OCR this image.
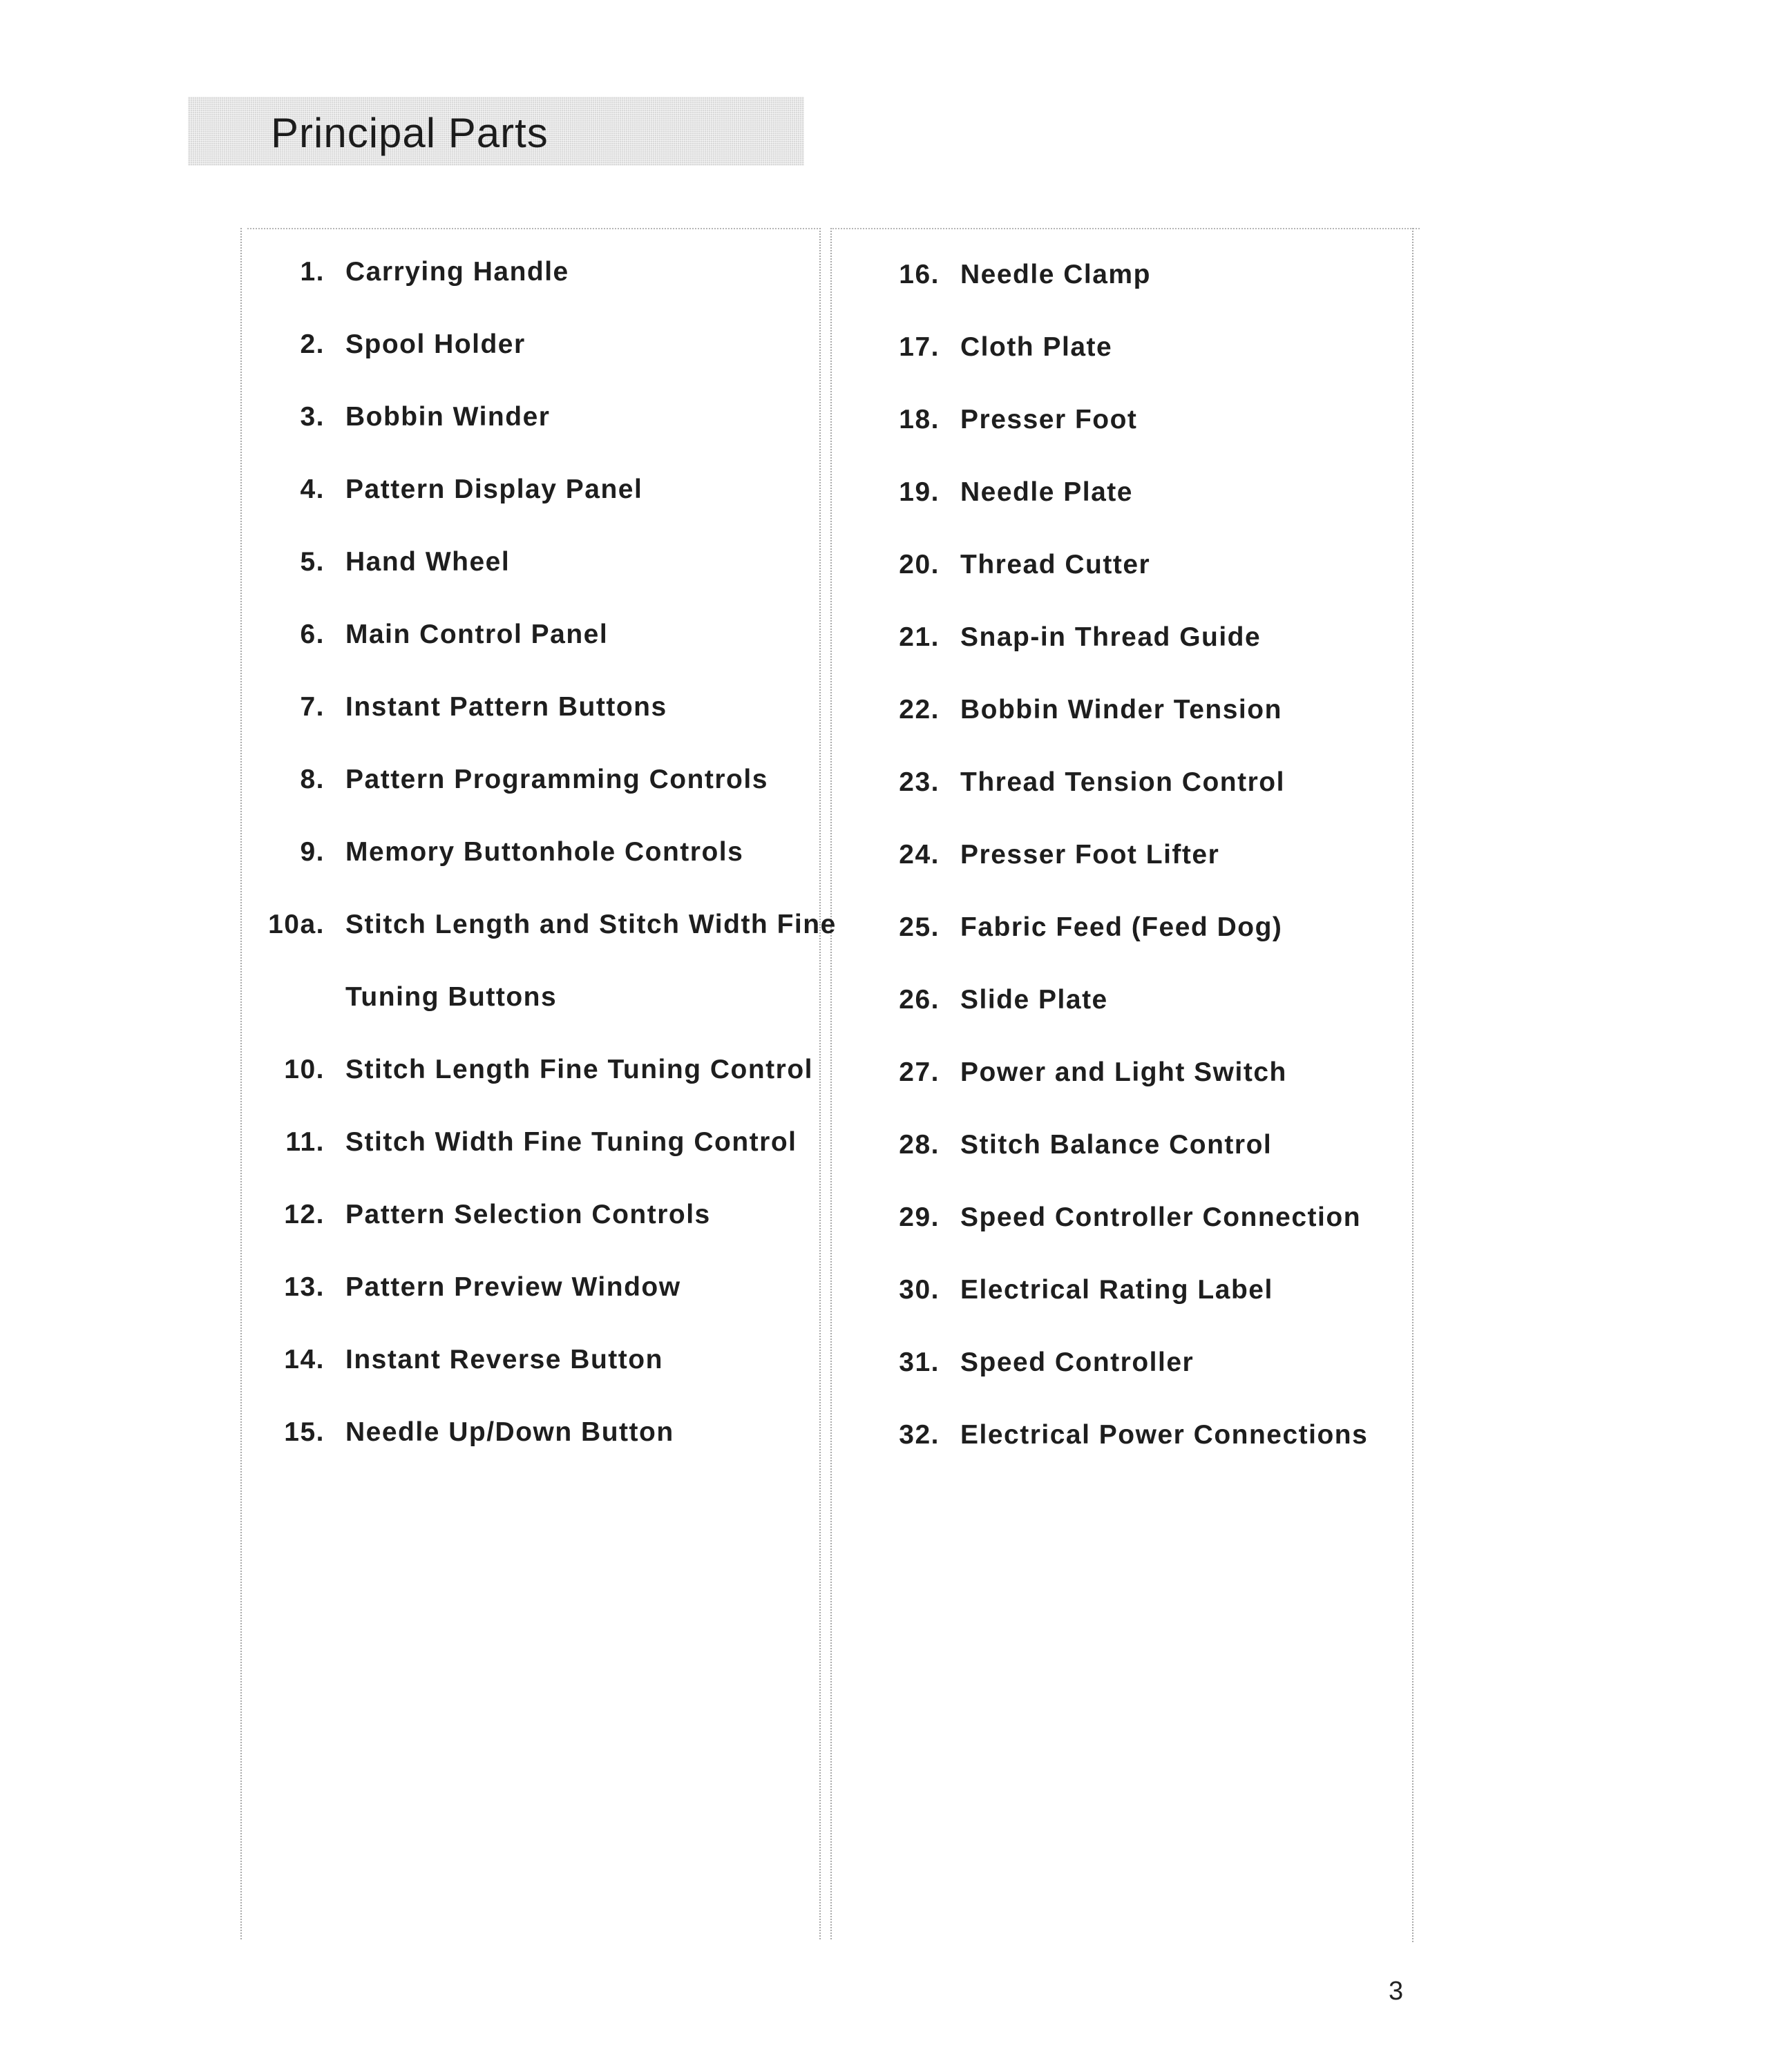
Principal Parts
1. Carrying Handle
2. Spool Holder
3. Bobbin Winder
4. Pattern Display Panel
5. Hand Wheel
6. Main Control Panel
7. Instant Pattern Buttons
8. Pattern Programming Controls
9. Memory Buttonhole Controls
10a. Stitch Length and Stitch Width Fine
Tuning Buttons
10. Stitch Length Fine Tuning Control
11. Stitch Width Fine Tuning Control
12. Pattern Selection Controls
13. Pattern Preview Window
14. Instant Reverse Button
15. Needle Up/Down Button
16. Needle Clamp
17. Cloth Plate
18. Presser Foot
19. Needle Plate
20. Thread Cutter
21. Snap-in Thread Guide
22. Bobbin Winder Tension
23. Thread Tension Control
24. Presser Foot Lifter
25. Fabric Feed (Feed Dog)
26. Slide Plate
27. Power and Light Switch
28. Stitch Balance Control
29. Speed Controller Connection
30. Electrical Rating Label
31. Speed Controller
32. Electrical Power Connections
3
